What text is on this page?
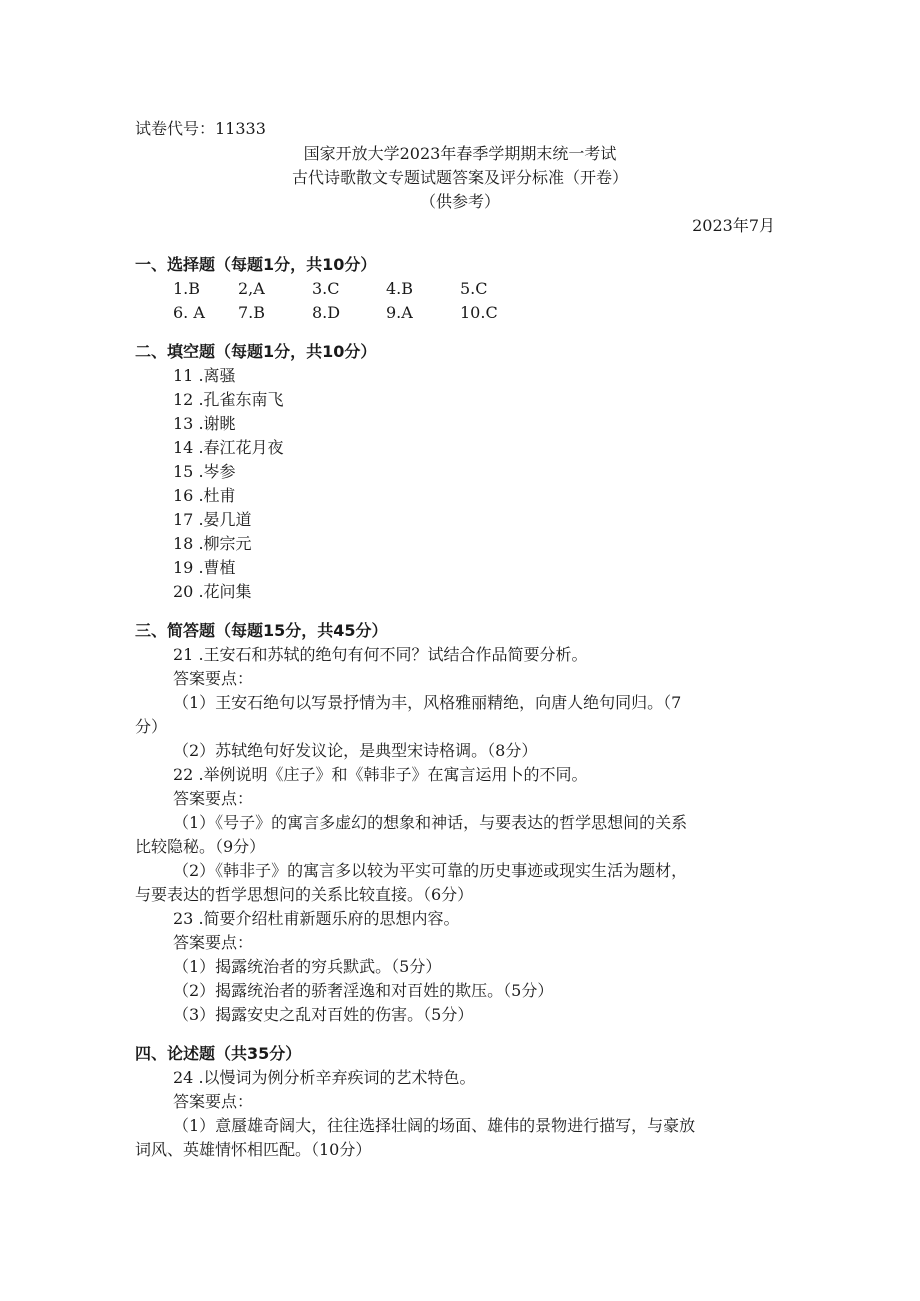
试卷代号：11333
国家开放大学2023年春季学期期末统一考试
古代诗歌散文专题试题答案及评分标准（开卷）
（供参考）
2023年7月
一、选择题（每题1分，共10分）
1.B 2,A	3.C	4.B	5.C
6. A 7.B	8.D	9.A	10.C
二、填空题（每题1分，共10分）
11 .离骚
12 .孔雀东南飞
13 .谢眺
14 .春江花月夜
15 .岑参
16 .杜甫
17 .晏几道
18 .柳宗元
19 .曹植
20 .花问集
三、简答题（每题15分，共45分）
21 .王安石和苏轼的绝句有何不同？试结合作品简要分析。
答案要点：
（1）王安石绝句以写景抒情为丰，风格雅丽精绝，向唐人绝句同归。（7
分）
（2）苏轼绝句好发议论，是典型宋诗格调。（8分）
22 .举例说明《庄子》和《韩非子》在寓言运用卜的不同。
答案要点：
（1）《号子》的寓言多虚幻的想象和神话，与要表达的哲学思想间的关系
比较隐秘。（9分）
（2）《韩非子》的寓言多以较为平实可靠的历史事迹或现实生活为题材，
与要表达的哲学思想问的关系比较直接。（6分）
23 .简要介绍杜甫新题乐府的思想内容。
答案要点：
（1）揭露统治者的穷兵默武。（5分）
（2）揭露统治者的骄奢淫逸和对百姓的欺压。（5分）
（3）揭露安史之乱对百姓的伤害。（5分）
四、论述题（共35分）
24 .以慢词为例分析辛弃疾词的艺术特色。
答案要点：
（1）意蜃雄奇阔大，往往选择壮阔的场面、雄伟的景物进行描写，与豪放
词风、英雄情怀相匹配。（10分）
